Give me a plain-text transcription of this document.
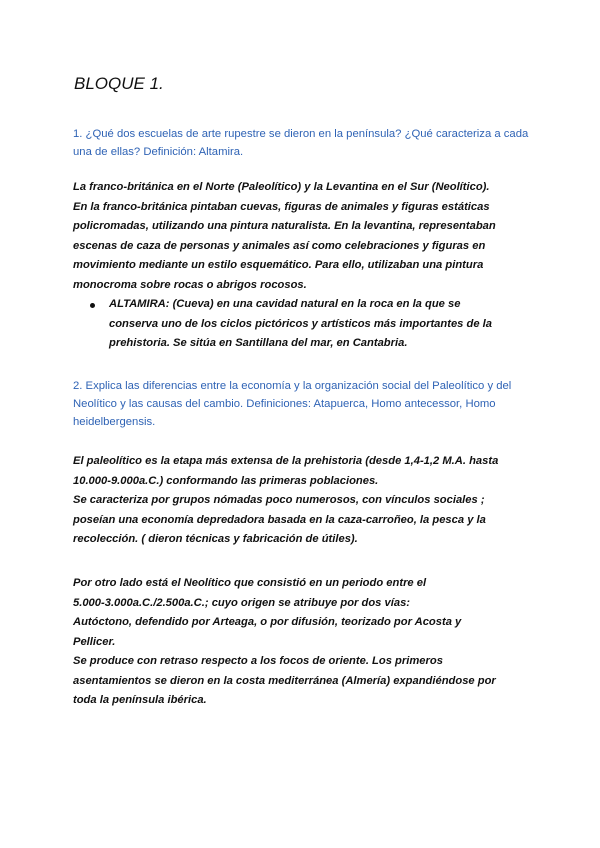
BLOQUE 1.
1. ¿Qué dos escuelas de arte rupestre se dieron en la península? ¿Qué caracteriza a cada
una de ellas? Definición: Altamira.

La franco-británica en el Norte (Paleolítico) y la Levantina en el Sur (Neolítico).

En la franco-británica pintaban cuevas, figuras de animales y figuras estáticas

policromadas, utilizando una pintura naturalista. En la levantina, representaban

escenas de caza de personas y animales así como celebraciones y figuras en

movimiento mediante un estilo esquemático. Para ello, utilizaban una pintura

monocroma sobre rocas o abrigos rocosos.

ALTAMIRA: (Cueva) en una cavidad natural en la roca en la que se
conserva uno de los ciclos pictóricos y artísticos más importantes de la
prehistoria. Se sitúa en Santillana del mar, en Cantabria.
2. Explica las diferencias entre la economía y la organización social del Paleolítico y del
Neolítico y las causas del cambio. Definiciones: Atapuerca, Homo antecessor, Homo
heidelbergensis.

El paleolítico es la etapa más extensa de la prehistoria (desde 1,4-1,2 M.A. hasta

10.000-9.000a.C.) conformando las primeras poblaciones.

Se caracteriza por grupos nómadas poco numerosos, con vínculos sociales ;

poseían una economía depredadora basada en la caza-carroñeo, la pesca y la

recolección. ( dieron técnicas y fabricación de útiles).

Por otro lado está el Neolítico que consistió en un periodo entre el

5.000-3.000a.C./2.500a.C.; cuyo origen se atribuye por dos vías:

Autóctono, defendido por Arteaga, o por difusión, teorizado por Acosta y

Pellicer.

Se produce con retraso respecto a los focos de oriente. Los primeros

asentamientos se dieron en la costa mediterránea (Almería) expandiéndose por

toda la península ibérica.
